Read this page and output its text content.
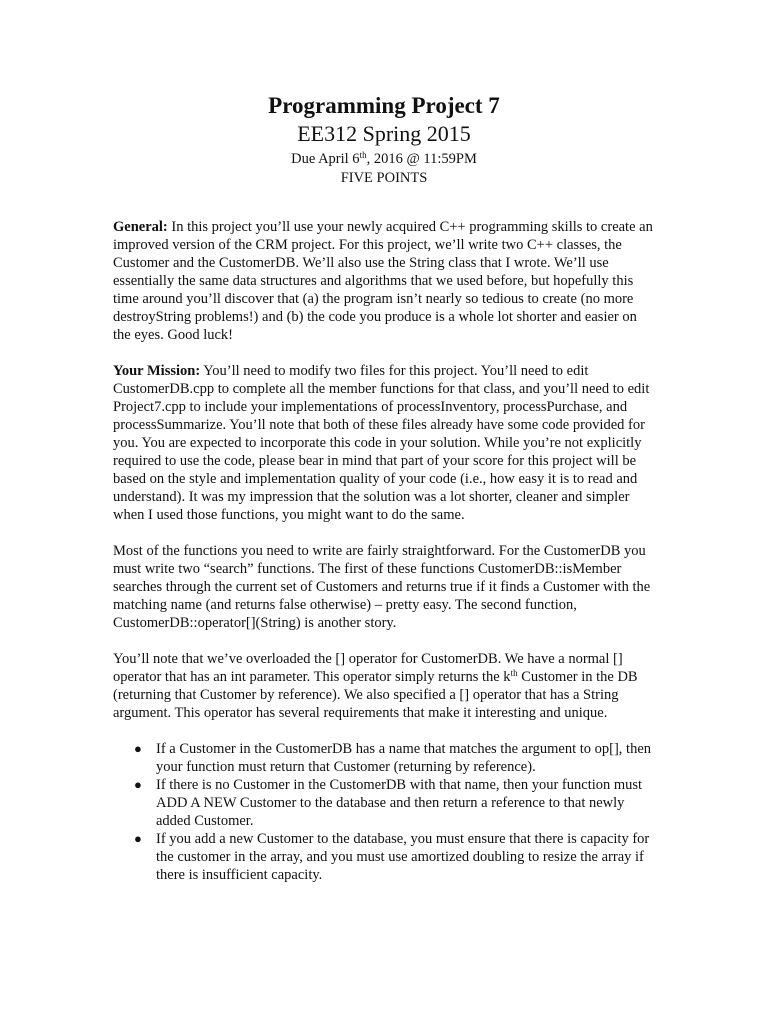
Programming Project 7
EE312 Spring 2015
Due April 6th, 2016 @ 11:59PM
FIVE POINTS

General: In this project you’ll use your newly acquired C++ programming skills to create an improved version of the CRM project. For this project, we’ll write two C++ classes, the Customer and the CustomerDB. We’ll also use the String class that I wrote. We’ll use essentially the same data structures and algorithms that we used before, but hopefully this time around you’ll discover that (a) the program isn’t nearly so tedious to create (no more destroyString problems!) and (b) the code you produce is a whole lot shorter and easier on the eyes. Good luck!

Your Mission: You’ll need to modify two files for this project. You’ll need to edit CustomerDB.cpp to complete all the member functions for that class, and you’ll need to edit Project7.cpp to include your implementations of processInventory, processPurchase, and processSummarize. You’ll note that both of these files already have some code provided for you. You are expected to incorporate this code in your solution. While you’re not explicitly required to use the code, please bear in mind that part of your score for this project will be based on the style and implementation quality of your code (i.e., how easy it is to read and understand). It was my impression that the solution was a lot shorter, cleaner and simpler when I used those functions, you might want to do the same.

Most of the functions you need to write are fairly straightforward. For the CustomerDB you must write two “search” functions. The first of these functions CustomerDB::isMember searches through the current set of Customers and returns true if it finds a Customer with the matching name (and returns false otherwise) – pretty easy. The second function, CustomerDB::operator[](String) is another story.

You’ll note that we’ve overloaded the [] operator for CustomerDB. We have a normal [] operator that has an int parameter. This operator simply returns the $k^{th}$ Customer in the DB (returning that Customer by reference). We also specified a [] operator that has a String argument. This operator has several requirements that make it interesting and unique.

● If a Customer in the CustomerDB has a name that matches the argument to op[], then your function must return that Customer (returning by reference).
● If there is no Customer in the CustomerDB with that name, then your function must ADD A NEW Customer to the database and then return a reference to that newly added Customer.
● If you add a new Customer to the database, you must ensure that there is capacity for the customer in the array, and you must use amortized doubling to resize the array if there is insufficient capacity.
